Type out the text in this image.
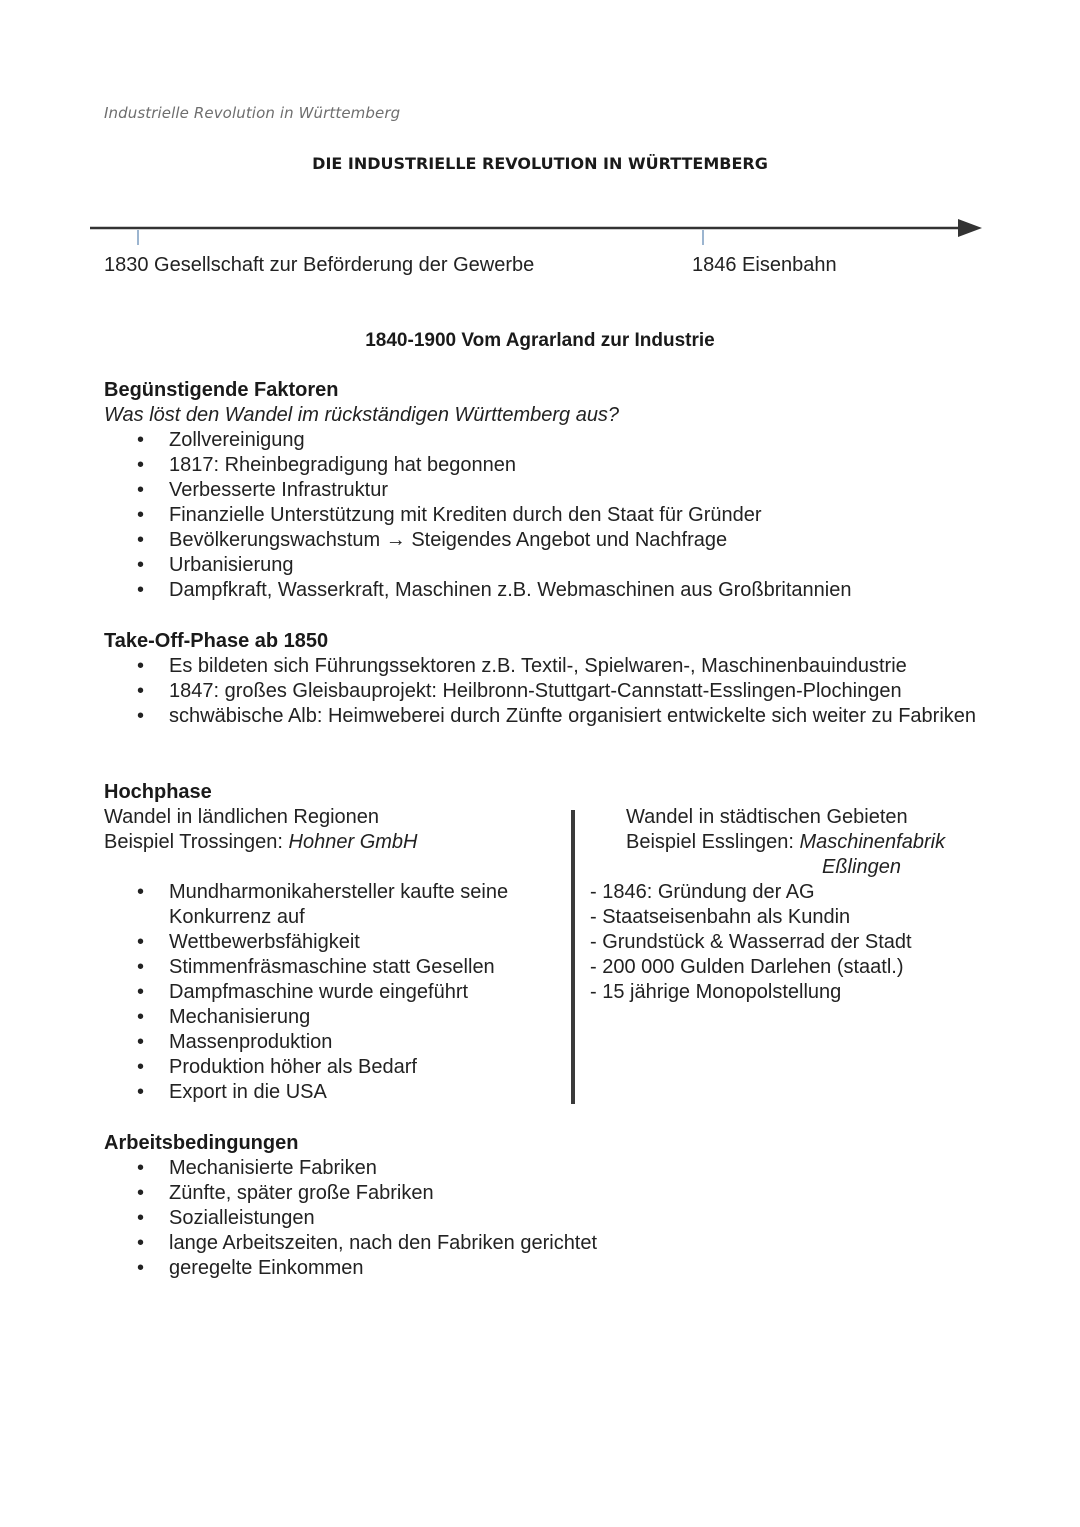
Industrielle Revolution in Württemberg
DIE INDUSTRIELLE REVOLUTION IN WÜRTTEMBERG
1830 Gesellschaft zur Beförderung der Gewerbe	1846 Eisenbahn
1840-1900 Vom Agrarland zur Industrie
Begünstigende Faktoren
Was löst den Wandel im rückständigen Württemberg aus?
• Zollvereinigung
• 1817: Rheinbegradigung hat begonnen
• Verbesserte Infrastruktur
• Finanzielle Unterstützung mit Krediten durch den Staat für Gründer
• Bevölkerungswachstum → Steigendes Angebot und Nachfrage
• Urbanisierung
• Dampfkraft, Wasserkraft, Maschinen z.B. Webmaschinen aus Großbritannien
Take-Off-Phase ab 1850
• Es bildeten sich Führungssektoren z.B. Textil-, Spielwaren-, Maschinenbauindustrie
• 1847: großes Gleisbauprojekt: Heilbronn-Stuttgart-Cannstatt-Esslingen-Plochingen
• schwäbische Alb: Heimweberei durch Zünfte organisiert entwickelte sich weiter zu Fabriken
Hochphase
Wandel in ländlichen Regionen
Beispiel Trossingen: Hohner GmbH
• Mundharmonikahersteller kaufte seine Konkurrenz auf
• Wettbewerbsfähigkeit
• Stimmenfräsmaschine statt Gesellen
• Dampfmaschine wurde eingeführt
• Mechanisierung
• Massenproduktion
• Produktion höher als Bedarf
• Export in die USA
Wandel in städtischen Gebieten
Beispiel Esslingen: Maschinenfabrik
Eßlingen
- 1846: Gründung der AG
- Staatseisenbahn als Kundin
- Grundstück & Wasserrad der Stadt
- 200 000 Gulden Darlehen (staatl.)
- 15 jährige Monopolstellung
Arbeitsbedingungen
• Mechanisierte Fabriken
• Zünfte, später große Fabriken
• Sozialleistungen
• lange Arbeitszeiten, nach den Fabriken gerichtet
• geregelte Einkommen
